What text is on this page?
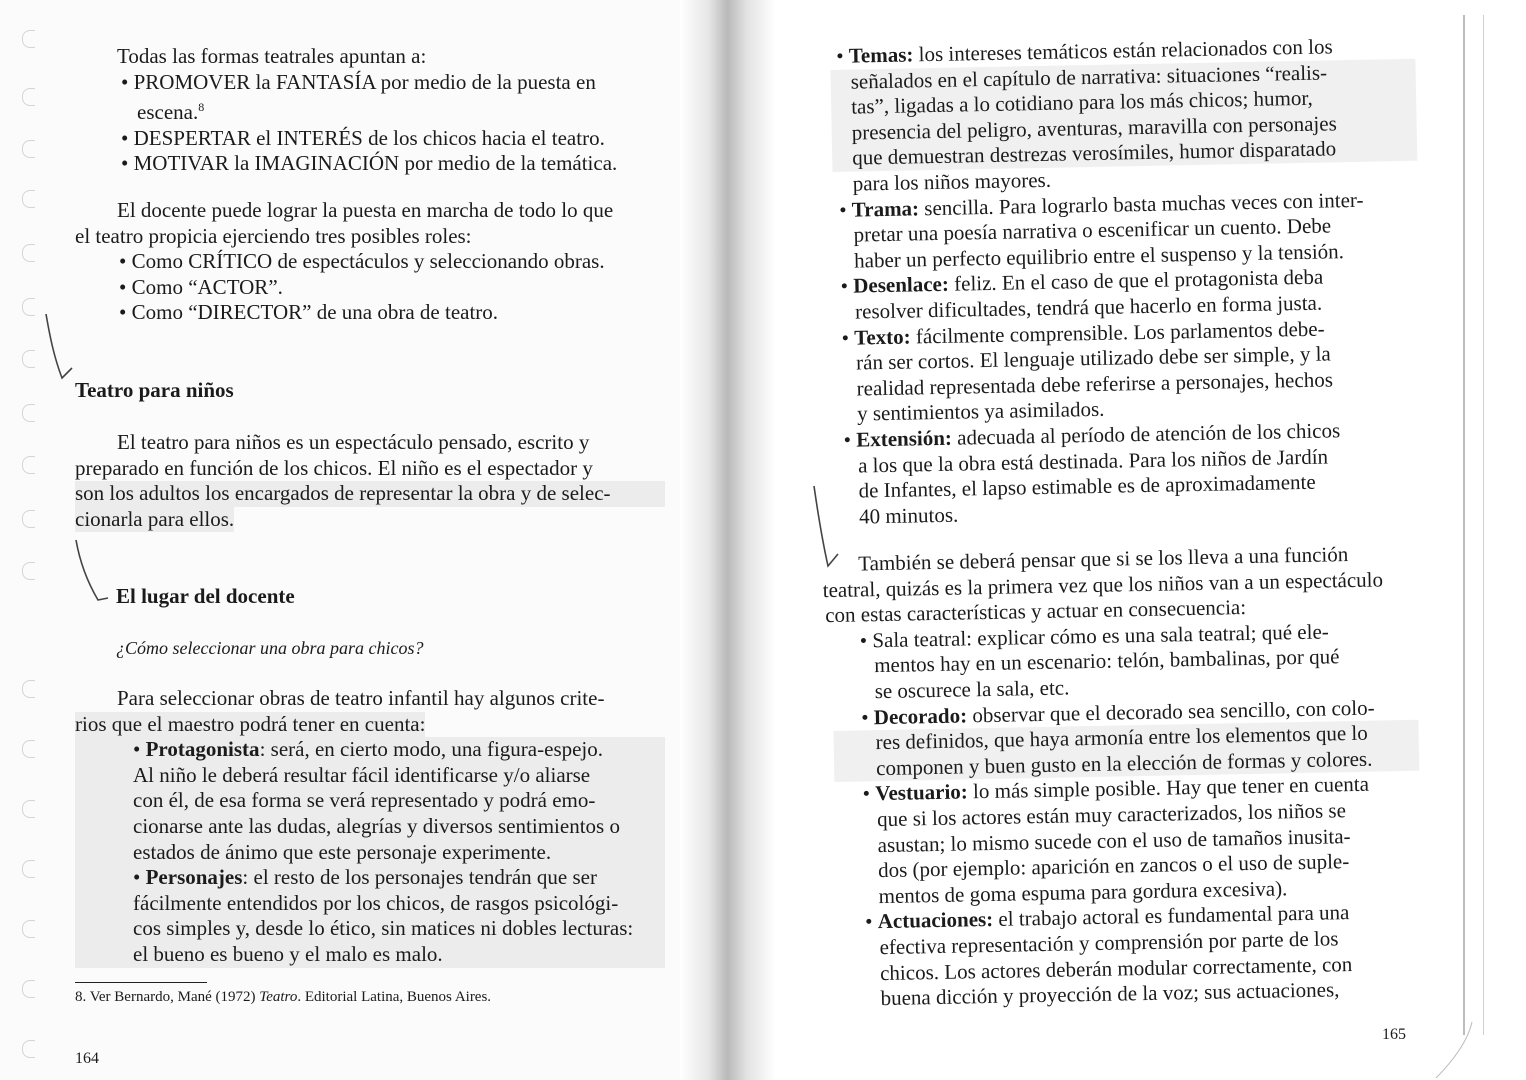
Todas las formas teatrales apuntan a:
• PROMOVER la FANTASÍA por medio de la puesta en
escena.$^8$
• DESPERTAR el INTERÉS de los chicos hacia el teatro.
• MOTIVAR la IMAGINACIÓN por medio de la temática.
El docente puede lograr la puesta en marcha de todo lo que
el teatro propicia ejerciendo tres posibles roles:
• Como CRÍTICO de espectáculos y seleccionando obras.
• Como “ACTOR”.
• Como “DIRECTOR” de una obra de teatro.
Teatro para niños
El teatro para niños es un espectáculo pensado, escrito y
preparado en función de los chicos. El niño es el espectador y
son los adultos los encargados de representar la obra y de selec-
cionarla para ellos.
El lugar del docente
¿Cómo seleccionar una obra para chicos?
Para seleccionar obras de teatro infantil hay algunos crite-
rios que el maestro podrá tener en cuenta:
• Protagonista: será, en cierto modo, una figura-espejo.
Al niño le deberá resultar fácil identificarse y/o aliarse
con él, de esa forma se verá representado y podrá emo-
cionarse ante las dudas, alegrías y diversos sentimientos o
estados de ánimo que este personaje experimente.
• Personajes: el resto de los personajes tendrán que ser
fácilmente entendidos por los chicos, de rasgos psicológi-
cos simples y, desde lo ético, sin matices ni dobles lecturas:
el bueno es bueno y el malo es malo.
8. Ver Bernardo, Mané (1972) Teatro. Editorial Latina, Buenos Aires.
164
• Temas: los intereses temáticos están relacionados con los
señalados en el capítulo de narrativa: situaciones “realis-
tas”, ligadas a lo cotidiano para los más chicos; humor,
presencia del peligro, aventuras, maravilla con personajes
que demuestran destrezas verosímiles, humor disparatado
para los niños mayores.
• Trama: sencilla. Para lograrlo basta muchas veces con inter-
pretar una poesía narrativa o escenificar un cuento. Debe
haber un perfecto equilibrio entre el suspenso y la tensión.
• Desenlace: feliz. En el caso de que el protagonista deba
resolver dificultades, tendrá que hacerlo en forma justa.
• Texto: fácilmente comprensible. Los parlamentos debe-
rán ser cortos. El lenguaje utilizado debe ser simple, y la
realidad representada debe referirse a personajes, hechos
y sentimientos ya asimilados.
• Extensión: adecuada al período de atención de los chicos
a los que la obra está destinada. Para los niños de Jardín
de Infantes, el lapso estimable es de aproximadamente
40 minutos.
También se deberá pensar que si se los lleva a una función
teatral, quizás es la primera vez que los niños van a un espectáculo
con estas características y actuar en consecuencia:
• Sala teatral: explicar cómo es una sala teatral; qué ele-
mentos hay en un escenario: telón, bambalinas, por qué
se oscurece la sala, etc.
• Decorado: observar que el decorado sea sencillo, con colo-
res definidos, que haya armonía entre los elementos que lo
componen y buen gusto en la elección de formas y colores.
• Vestuario: lo más simple posible. Hay que tener en cuenta
que si los actores están muy caracterizados, los niños se
asustan; lo mismo sucede con el uso de tamaños inusita-
dos (por ejemplo: aparición en zancos o el uso de suple-
mentos de goma espuma para gordura excesiva).
• Actuaciones: el trabajo actoral es fundamental para una
efectiva representación y comprensión por parte de los
chicos. Los actores deberán modular correctamente, con
buena dicción y proyección de la voz; sus actuaciones,
165
